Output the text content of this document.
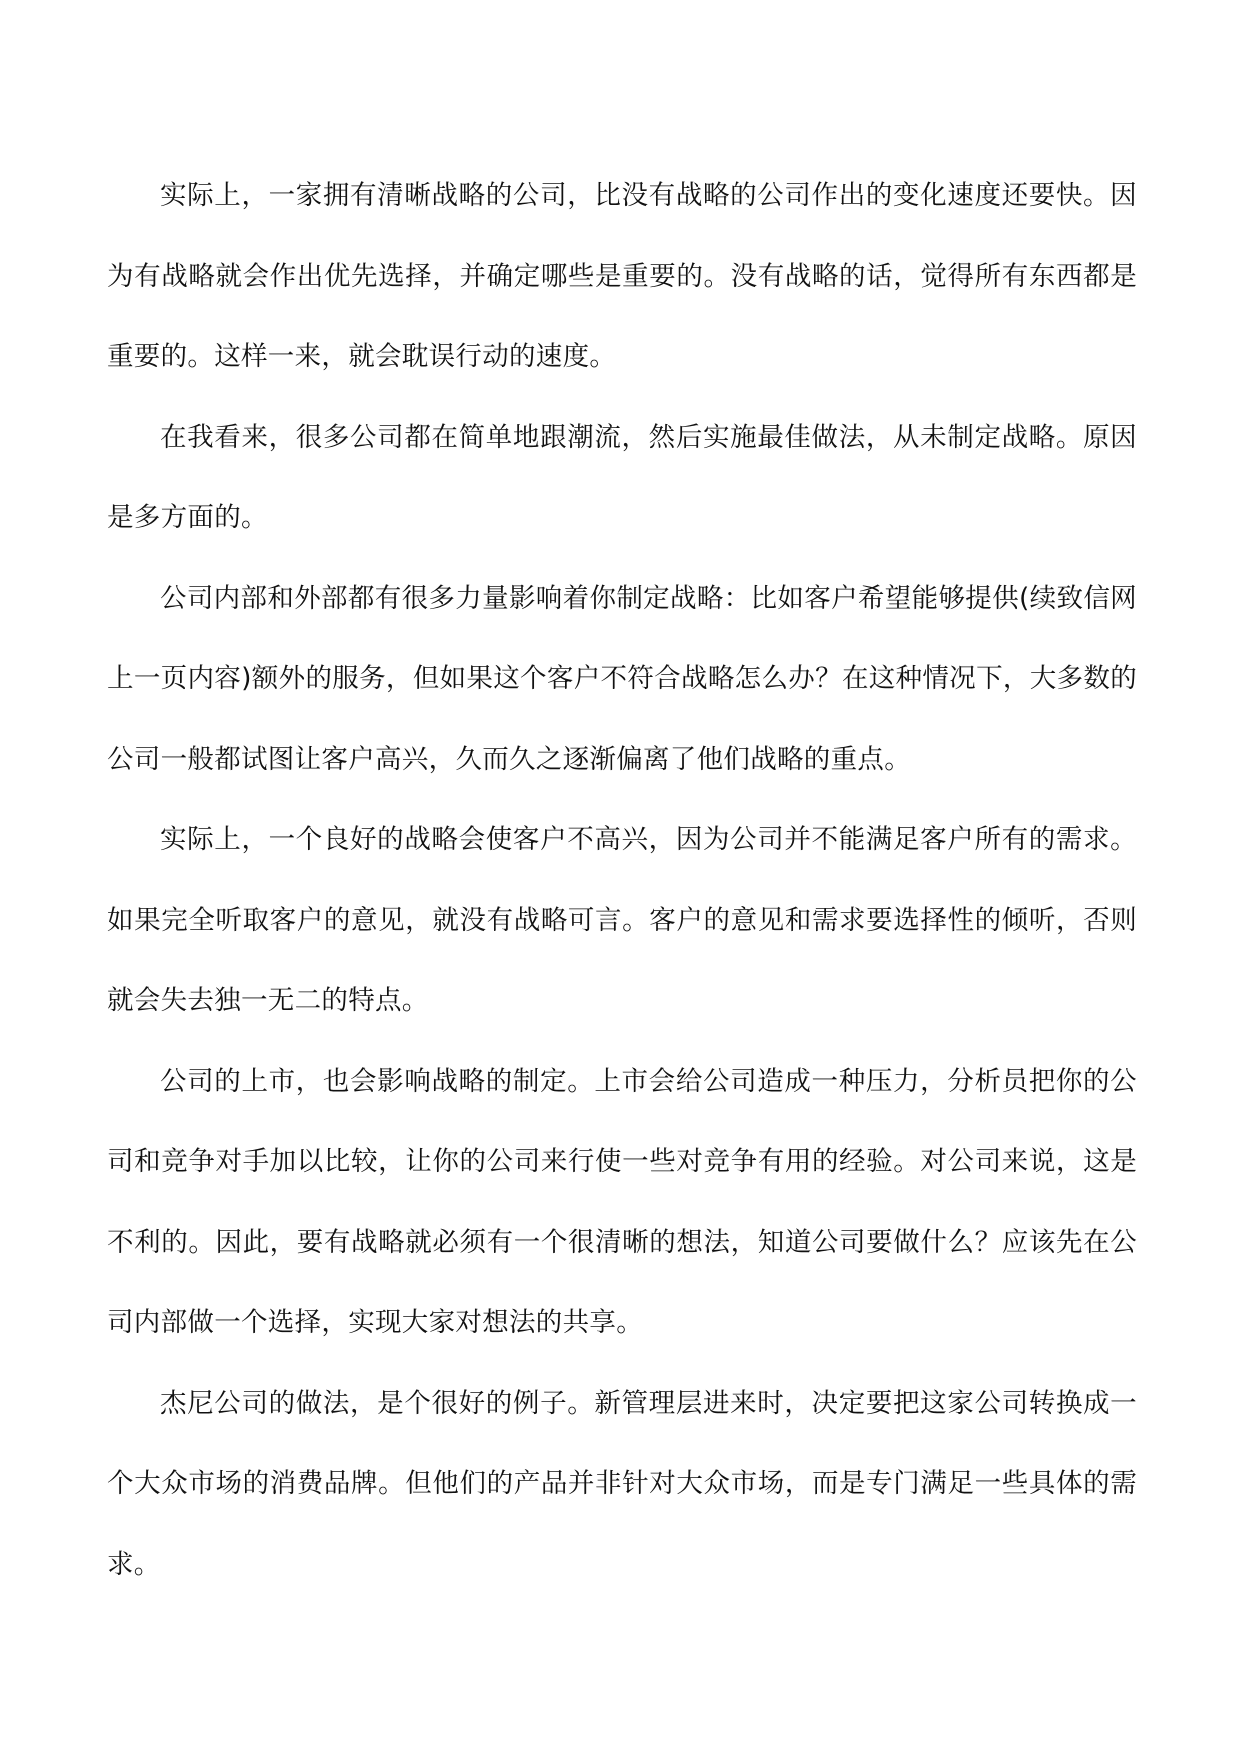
实际上，一家拥有清晰战略的公司，比没有战略的公司作出的变化速度还要快。因为有战略就会作出优先选择，并确定哪些是重要的。没有战略的话，觉得所有东西都是重要的。这样一来，就会耽误行动的速度。

在我看来，很多公司都在简单地跟潮流，然后实施最佳做法，从未制定战略。原因是多方面的。

公司内部和外部都有很多力量影响着你制定战略：比如客户希望能够提供(续致信网上一页内容)额外的服务，但如果这个客户不符合战略怎么办？在这种情况下，大多数的公司一般都试图让客户高兴，久而久之逐渐偏离了他们战略的重点。

实际上，一个良好的战略会使客户不高兴，因为公司并不能满足客户所有的需求。如果完全听取客户的意见，就没有战略可言。客户的意见和需求要选择性的倾听，否则就会失去独一无二的特点。

公司的上市，也会影响战略的制定。上市会给公司造成一种压力，分析员把你的公司和竞争对手加以比较，让你的公司来行使一些对竞争有用的经验。对公司来说，这是不利的。因此，要有战略就必须有一个很清晰的想法，知道公司要做什么？应该先在公司内部做一个选择，实现大家对想法的共享。

杰尼公司的做法，是个很好的例子。新管理层进来时，决定要把这家公司转换成一个大众市场的消费品牌。但他们的产品并非针对大众市场，而是专门满足一些具体的需求。
